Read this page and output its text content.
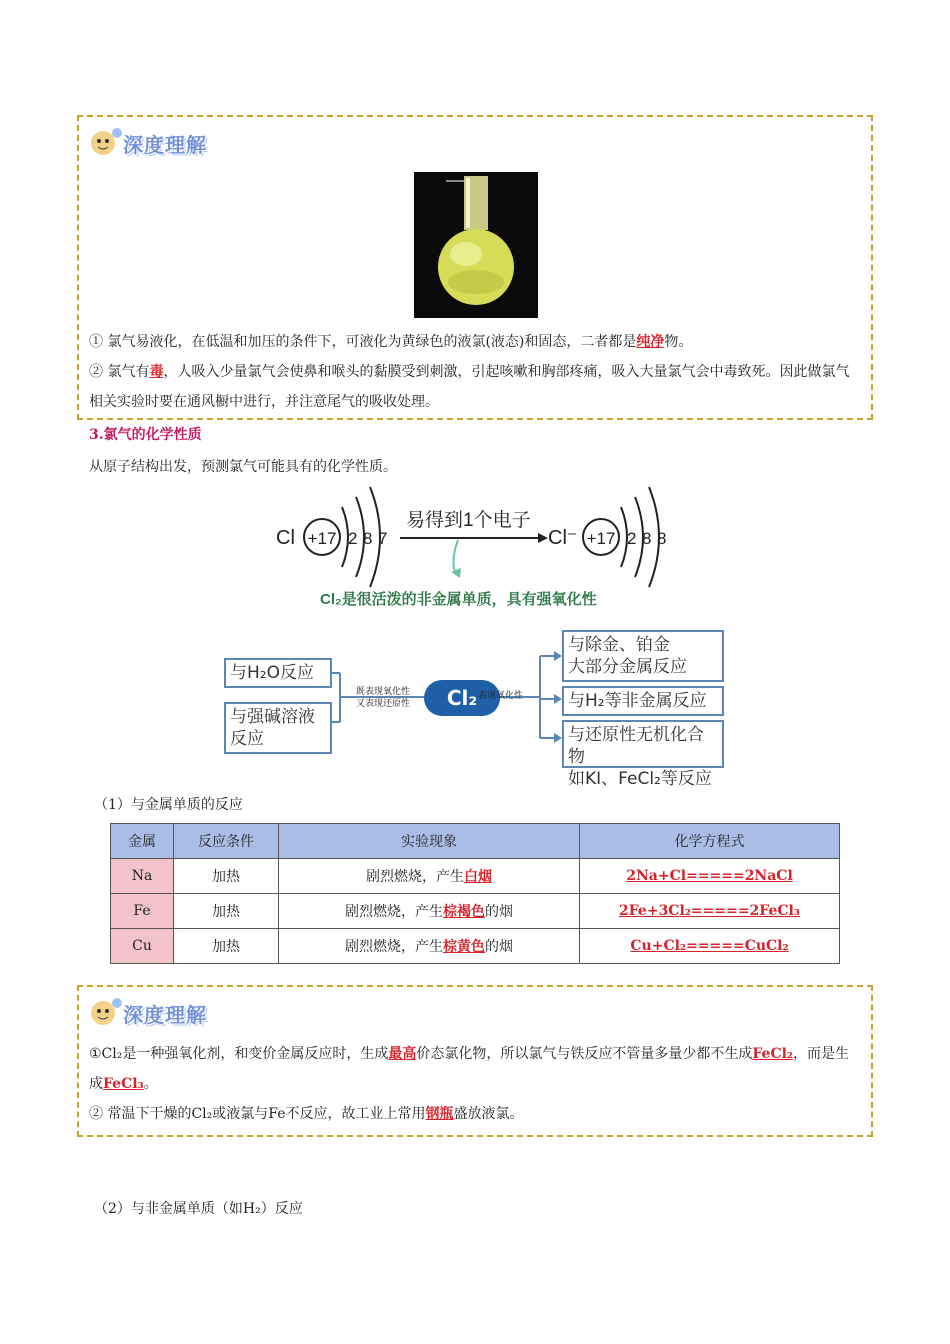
深度理解
① 氯气易液化，在低温和加压的条件下，可液化为黄绿色的液氯(液态)和固态，二者都是纯净物。
② 氯气有毒，人吸入少量氯气会使鼻和喉头的黏膜受到刺激，引起咳嗽和胸部疼痛，吸入大量氯气会中毒致死。因此做氯气相关实验时要在通风橱中进行，并注意尾气的吸收处理。
3.氯气的化学性质
从原子结构出发，预测氯气可能具有的化学性质。
Cl +17 2 8 7
易得到1个电子
Cl⁻ +17 2 8 8
Cl₂是很活泼的非金属单质，具有强氧化性
Cl₂
既表现氧化性
又表现还原性
表现氧化性
与H₂O反应
与强碱溶液
反应
与除金、铂金
大部分金属反应
与H₂等非金属反应
与还原性无机化合物
如KI、FeCl₂等反应
（1）与金属单质的反应
金属	反应条件	实验现象	化学方程式
Na	加热	剧烈燃烧，产生白烟	2Na+Cl=====2NaCl
Fe	加热	剧烈燃烧，产生棕褐色的烟	2Fe+3Cl₂=====2FeCl₃
Cu	加热	剧烈燃烧，产生棕黄色的烟	Cu+Cl₂=====CuCl₂
深度理解
①Cl₂是一种强氧化剂，和变价金属反应时，生成最高价态氯化物，所以氯气与铁反应不管量多量少都不生成FeCl₂，而是生成FeCl₃。
② 常温下干燥的Cl₂或液氯与Fe不反应，故工业上常用钢瓶盛放液氯。
（2）与非金属单质（如H₂）反应
